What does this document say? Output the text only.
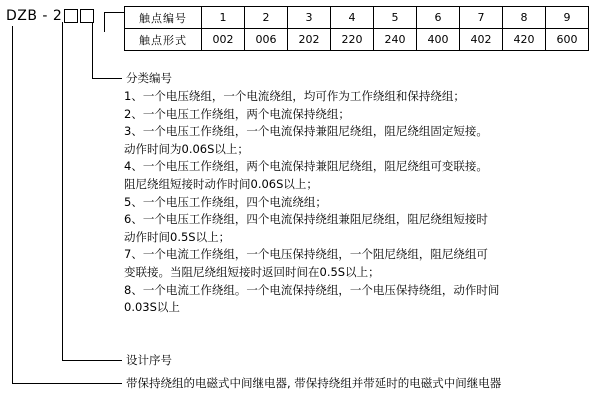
DZB - 2	触点编号	1	2	3	4	5	6	7	8	9
触点形式	002	006	202	220	240	400	402	420	600
分类编号
1、一个电压绕组，一个电流绕组，均可作为工作绕组和保持绕组；
2、一个电压工作绕组，两个电流保持绕组；
3、一个电压工作绕组，一个电流保持兼阻尼绕组，阻尼绕组固定短接。
动作时间为0.06S以上；
4、一个电压工作绕组，两个电流保持兼阻尼绕组，阻尼绕组可变联接。
阻尼绕组短接时动作时间0.06S以上；
5、一个电压工作绕组，四个电流绕组；
6、一个电压工作绕组，四个电流保持绕组兼阻尼绕组，阻尼绕组短接时
动作时间0.5S以上；
7、一个电流工作绕组，一个电压保持绕组，一个阻尼绕组，阻尼绕组可
变联接。当阻尼绕组短接时返回时间在0.5S以上；
8、一个电流工作绕组。一个电流保持绕组，一个电压保持绕组，动作时间
0.03S以上
设计序号
带保持绕组的电磁式中间继电器, 带保持绕组并带延时的电磁式中间继电器
